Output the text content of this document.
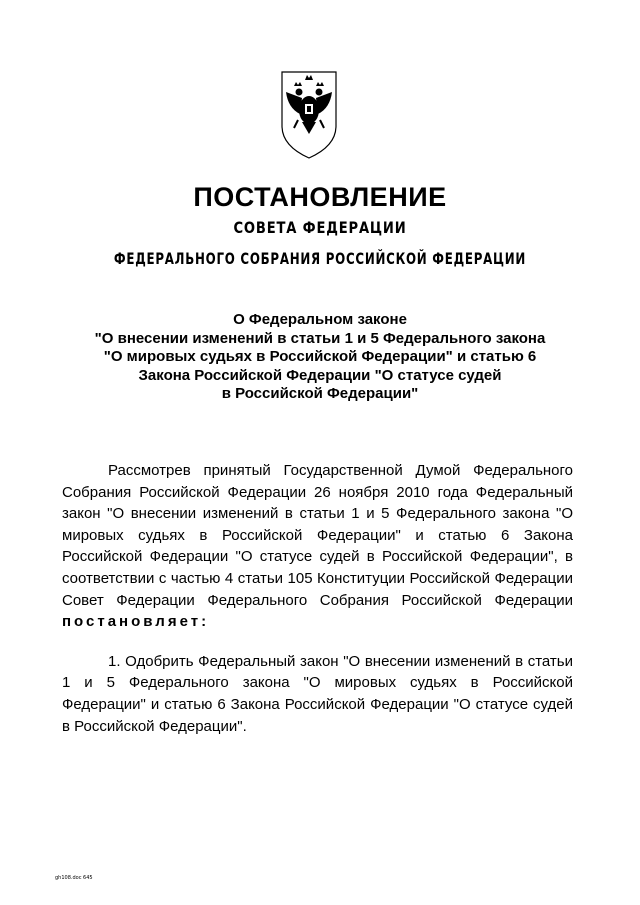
ПОСТАНОВЛЕНИЕ
СОВЕТА ФЕДЕРАЦИИ
ФЕДЕРАЛЬНОГО СОБРАНИЯ РОССИЙСКОЙ ФЕДЕРАЦИИ
О Федеральном законе
"О внесении изменений в статьи 1 и 5 Федерального закона
"О мировых судьях в Российской Федерации" и статью 6
Закона Российской Федерации "О статусе судей
в Российской Федерации"

Рассмотрев принятый Государственной Думой Федерального Собрания Российской Федерации 26 ноября 2010 года Федеральный закон "О внесении изменений в статьи 1 и 5 Федерального закона "О мировых судьях в Российской Федерации" и статью 6 Закона Российской Федерации "О статусе судей в Российской Федерации", в соответствии с частью 4 статьи 105 Конституции Российской Федерации Совет Федерации Федерального Собрания Российской Федерации постановляет:

1. Одобрить Федеральный закон "О внесении изменений в статьи 1 и 5 Федерального закона "О мировых судьях в Российской Федерации" и статью 6 Закона Российской Федерации "О статусе судей в Российской Федерации".

gh108.doc 645
